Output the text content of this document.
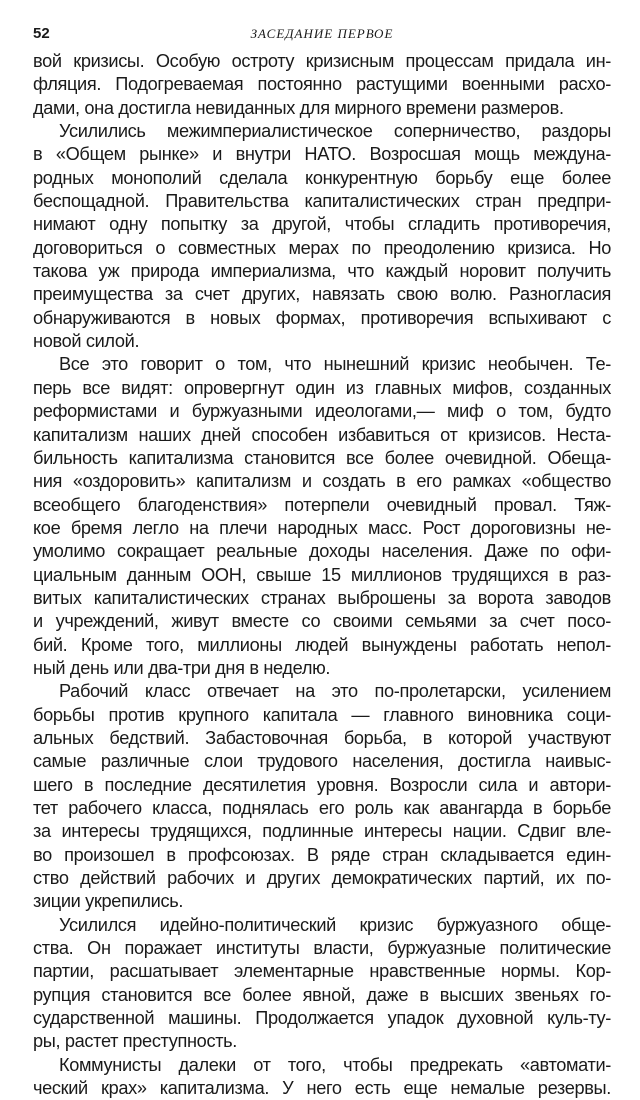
52	ЗАСЕДАНИЕ ПЕРВОЕ
вой кризисы. Особую остроту кризисным процессам придала ин-
фляция. Подогреваемая постоянно растущими военными расхо-
дами, она достигла невиданных для мирного времени размеров.
Усилились межимпериалистическое соперничество, раздоры
в «Общем рынке» и внутри НАТО. Возросшая мощь междуна-
родных монополий сделала конкурентную борьбу еще более
беспощадной. Правительства капиталистических стран предпри-
нимают одну попытку за другой, чтобы сгладить противоречия,
договориться о совместных мерах по преодолению кризиса. Но
такова уж природа империализма, что каждый норовит получить
преимущества за счет других, навязать свою волю. Разногласия
обнаруживаются в новых формах, противоречия вспыхивают с
новой силой.
Все это говорит о том, что нынешний кризис необычен. Те-
перь все видят: опровергнут один из главных мифов, созданных
реформистами и буржуазными идеологами,— миф о том, будто
капитализм наших дней способен избавиться от кризисов. Неста-
бильность капитализма становится все более очевидной. Обеща-
ния «оздоровить» капитализм и создать в его рамках «общество
всеобщего благоденствия» потерпели очевидный провал. Тяж-
кое бремя легло на плечи народных масс. Рост дороговизны не-
умолимо сокращает реальные доходы населения. Даже по офи-
циальным данным ООН, свыше 15 миллионов трудящихся в раз-
витых капиталистических странах выброшены за ворота заводов
и учреждений, живут вместе со своими семьями за счет посо-
бий. Кроме того, миллионы людей вынуждены работать непол-
ный день или два-три дня в неделю.
Рабочий класс отвечает на это по-пролетарски, усилением
борьбы против крупного капитала — главного виновника соци-
альных бедствий. Забастовочная борьба, в которой участвуют
самые различные слои трудового населения, достигла наивыс-
шего в последние десятилетия уровня. Возросли сила и автори-
тет рабочего класса, поднялась его роль как авангарда в борьбе
за интересы трудящихся, подлинные интересы нации. Сдвиг вле-
во произошел в профсоюзах. В ряде стран складывается един-
ство действий рабочих и других демократических партий, их по-
зиции укрепились.
Усилился идейно-политический кризис буржуазного обще-
ства. Он поражает институты власти, буржуазные политические
партии, расшатывает элементарные нравственные нормы. Кор-
рупция становится все более явной, даже в высших звеньях го-
сударственной машины. Продолжается упадок духовной куль-ту-
ры, растет преступность.
Коммунисты далеки от того, чтобы предрекать «автомати-
ческий крах» капитализма. У него есть еще немалые резервы.
